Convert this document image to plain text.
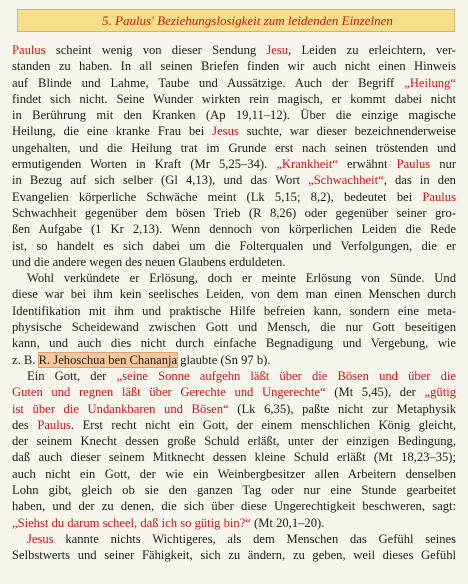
5. Paulus' Beziehungslosigkeit zum leidenden Einzelnen
Paulus scheint wenig von dieser Sendung Jesu, Leiden zu erleichtern, ver-
standen zu haben. In all seinen Briefen finden wir auch nicht einen Hinweis
auf Blinde und Lahme, Taube und Aussätzige. Auch der Begriff „Heilung“
findet sich nicht. Seine Wunder wirkten rein magisch, er kommt dabei nicht
in Berührung mit den Kranken (Ap 19,11–12). Über die einzige magische
Heilung, die eine kranke Frau bei Jesus suchte, war dieser bezeichnenderweise
ungehalten, und die Heilung trat im Grunde erst nach seinen tröstenden und
ermutigenden Worten in Kraft (Mr 5,25–34). „Krankheit“ erwähnt Paulus nur
in Bezug auf sich selber (Gl 4,13), und das Wort „Schwachheit“, das in den
Evangelien körperliche Schwäche meint (Lk 5,15; 8,2), bedeutet bei Paulus
Schwachheit gegenüber dem bösen Trieb (R 8,26) oder gegenüber seiner gro-
ßen Aufgabe (1 Kr 2,13). Wenn dennoch von körperlichen Leiden die Rede
ist, so handelt es sich dabei um die Folterqualen und Verfolgungen, die er
und die andere wegen des neuen Glaubens erduldeten.
Wohl verkündete er Erlösung, doch er meinte Erlösung von Sünde. Und
diese war bei ihm kein seelisches Leiden, von dem man einen Menschen durch
Identifikation mit ihm und praktische Hilfe befreien kann, sondern eine meta-
physische Scheidewand zwischen Gott und Mensch, die nur Gott beseitigen
kann, und auch dies nicht durch einfache Begnadigung und Vergebung, wie
z. B. R. Jehoschua ben Chananja glaubte (Sn 97 b).
Ein Gott, der „seine Sonne aufgehn läßt über die Bösen und über die
Guten und regnen läßt über Gerechte und Ungerechte“ (Mt 5,45), der „gütig
ist über die Undankbaren und Bösen“ (Lk 6,35), paßte nicht zur Metaphysik
des Paulus. Erst recht nicht ein Gott, der einem menschlichen König gleicht,
der seinem Knecht dessen große Schuld erläßt, unter der einzigen Bedingung,
daß auch dieser seinem Mitknecht dessen kleine Schuld erläßt (Mt 18,23–35);
auch nicht ein Gott, der wie ein Weinbergbesitzer allen Arbeitern denselben
Lohn gibt, gleich ob sie den ganzen Tag oder nur eine Stunde gearbeitet
haben, und der zu denen, die sich über diese Ungerechtigkeit beschweren, sagt:
„Siehst du darum scheel, daß ich so gütig bin?“ (Mt 20,1–20).
Jesus kannte nichts Wichtigeres, als dem Menschen das Gefühl seines
Selbstwerts und seiner Fähigkeit, sich zu ändern, zu geben, weil dieses Gefühl
